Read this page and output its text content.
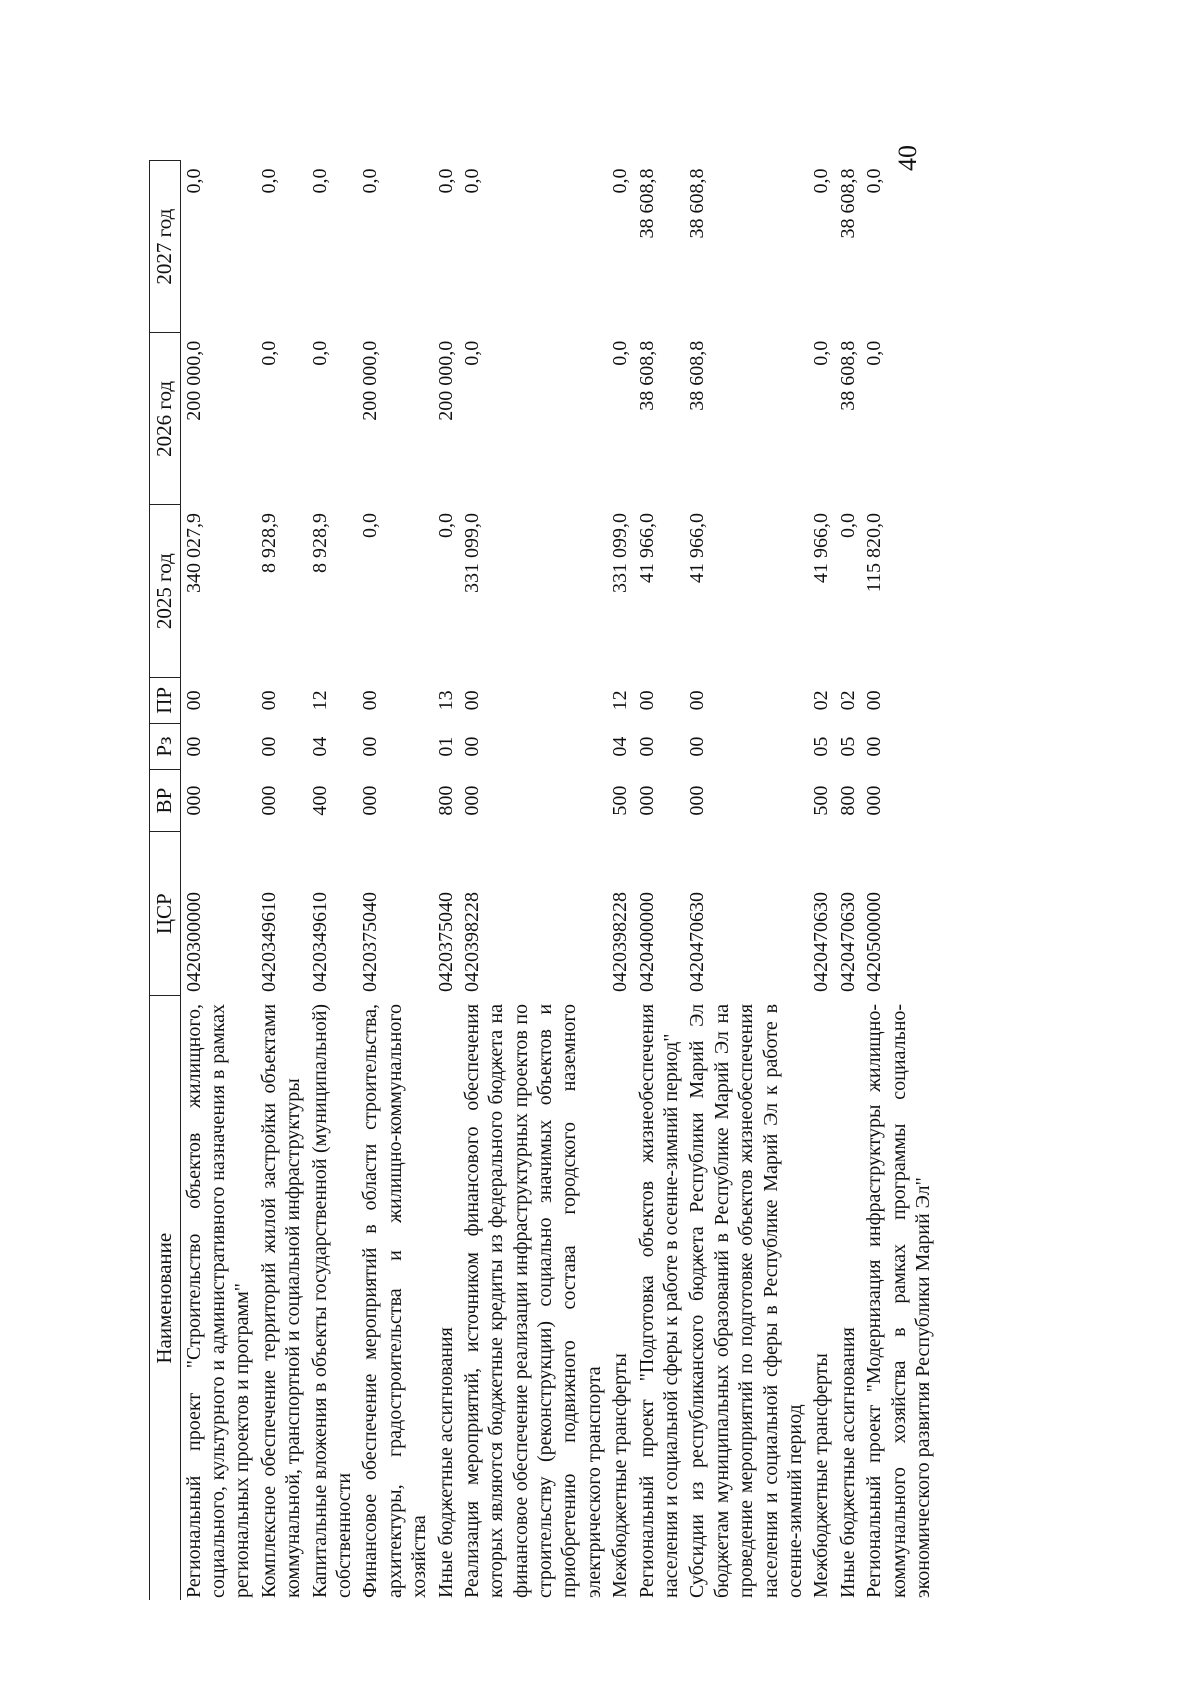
40
Наименование	ЦСР	ВР	Рз	ПР	2025 год	2026 год	2027 год
Региональный проект "Строительство объектов жилищного, социального, культурного и административного назначения в рамках региональных проектов и программ"	0420300000	000	00	00	340 027,9	200 000,0	0,0
Комплексное обеспечение территорий жилой застройки объектами коммунальной, транспортной и социальной инфраструктуры	0420349610	000	00	00	8 928,9	0,0	0,0
Капитальные вложения в объекты государственной (муниципальной) собственности	0420349610	400	04	12	8 928,9	0,0	0,0
Финансовое обеспечение мероприятий в области строительства, архитектуры, градостроительства и жилищно-коммунального хозяйства	0420375040	000	00	00	0,0	200 000,0	0,0
Иные бюджетные ассигнования	0420375040	800	01	13	0,0	200 000,0	0,0
Реализация мероприятий, источником финансового обеспечения которых являются бюджетные кредиты из федерального бюджета на финансовое обеспечение реализации инфраструктурных проектов по строительству (реконструкции) социально значимых объектов и приобретению подвижного состава городского наземного электрического транспорта	0420398228	000	00	00	331 099,0	0,0	0,0
Межбюджетные трансферты	0420398228	500	04	12	331 099,0	0,0	0,0
Региональный проект "Подготовка объектов жизнеобеспечения населения и социальной сферы к работе в осенне-зимний период"	0420400000	000	00	00	41 966,0	38 608,8	38 608,8
Субсидии из республиканского бюджета Республики Марий Эл бюджетам муниципальных образований в Республике Марий Эл на проведение мероприятий по подготовке объектов жизнеобеспечения населения и социальной сферы в Республике Марий Эл к работе в осенне-зимний период	0420470630	000	00	00	41 966,0	38 608,8	38 608,8
Межбюджетные трансферты	0420470630	500	05	02	41 966,0	0,0	0,0
Иные бюджетные ассигнования	0420470630	800	05	02	0,0	38 608,8	38 608,8
Региональный проект "Модернизация инфраструктуры жилищно-коммунального хозяйства в рамках программы социально-экономического развития Республики Марий Эл"	0420500000	000	00	00	115 820,0	0,0	0,0
